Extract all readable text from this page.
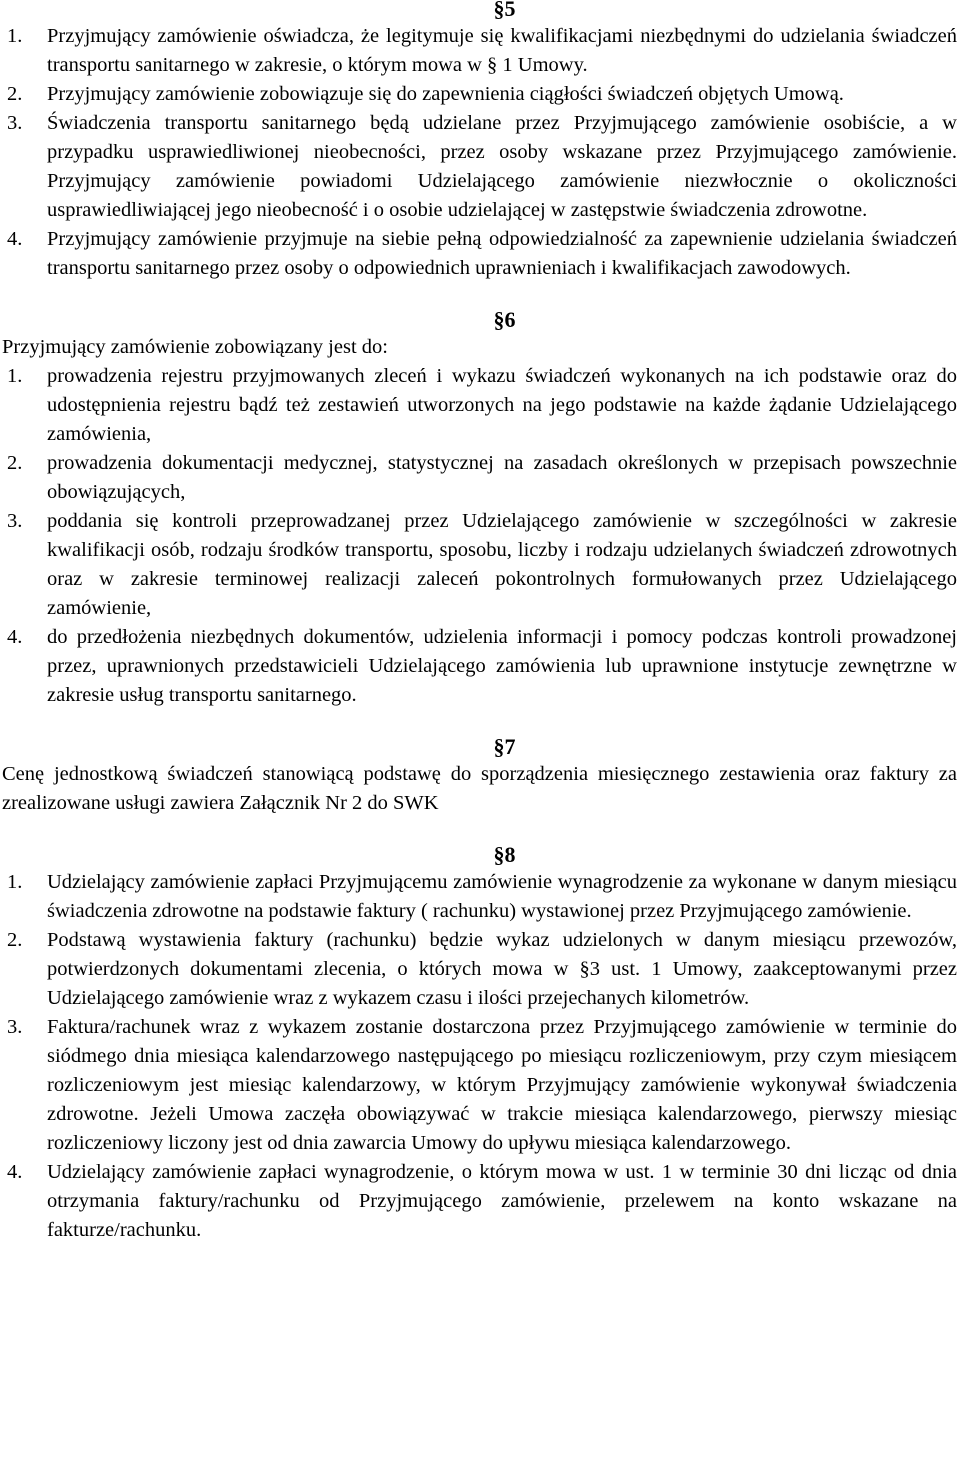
§5
1. Przyjmujący zamówienie oświadcza, że legitymuje się kwalifikacjami niezbędnymi do udzielania świadczeń transportu sanitarnego w zakresie, o którym mowa w § 1 Umowy.
2. Przyjmujący zamówienie zobowiązuje się do zapewnienia ciągłości świadczeń objętych Umową.
3. Świadczenia transportu sanitarnego będą udzielane przez Przyjmującego zamówienie osobiście, a w przypadku usprawiedliwionej nieobecności, przez osoby wskazane przez Przyjmującego zamówienie. Przyjmujący zamówienie powiadomi Udzielającego zamówienie niezwłocznie o okoliczności usprawiedliwiającej jego nieobecność i o osobie udzielającej w zastępstwie świadczenia zdrowotne.
4. Przyjmujący zamówienie przyjmuje na siebie pełną odpowiedzialność za zapewnienie udzielania świadczeń transportu sanitarnego przez osoby o odpowiednich uprawnieniach i kwalifikacjach zawodowych.
§6

Przyjmujący zamówienie zobowiązany jest do:

1. prowadzenia rejestru przyjmowanych zleceń i wykazu świadczeń wykonanych na ich podstawie oraz do udostępnienia rejestru bądź też zestawień utworzonych na jego podstawie na każde żądanie Udzielającego zamówienia,
2. prowadzenia dokumentacji medycznej, statystycznej na zasadach określonych w przepisach powszechnie obowiązujących,
3. poddania się kontroli przeprowadzanej przez Udzielającego zamówienie w szczególności w zakresie kwalifikacji osób, rodzaju środków transportu, sposobu, liczby i rodzaju udzielanych świadczeń zdrowotnych oraz w zakresie terminowej realizacji zaleceń pokontrolnych formułowanych przez Udzielającego zamówienie,
4. do przedłożenia niezbędnych dokumentów, udzielenia informacji i pomocy podczas kontroli prowadzonej przez, uprawnionych przedstawicieli Udzielającego zamówienia lub uprawnione instytucje zewnętrzne w zakresie usług transportu sanitarnego.
§7

Cenę jednostkową świadczeń stanowiącą podstawę do sporządzenia miesięcznego zestawienia oraz faktury za zrealizowane usługi zawiera Załącznik Nr 2 do SWK

§8
1. Udzielający zamówienie zapłaci Przyjmującemu zamówienie wynagrodzenie za wykonane w danym miesiącu świadczenia zdrowotne na podstawie faktury ( rachunku) wystawionej przez Przyjmującego zamówienie.
2. Podstawą wystawienia faktury (rachunku) będzie wykaz udzielonych w danym miesiącu przewozów, potwierdzonych dokumentami zlecenia, o których mowa w §3 ust. 1 Umowy, zaakceptowanymi przez Udzielającego zamówienie wraz z wykazem czasu i ilości przejechanych kilometrów.
3. Faktura/rachunek wraz z wykazem zostanie dostarczona przez Przyjmującego zamówienie w terminie do siódmego dnia miesiąca kalendarzowego następującego po miesiącu rozliczeniowym, przy czym miesiącem rozliczeniowym jest miesiąc kalendarzowy, w którym Przyjmujący zamówienie wykonywał świadczenia zdrowotne. Jeżeli Umowa zaczęła obowiązywać w trakcie miesiąca kalendarzowego, pierwszy miesiąc rozliczeniowy liczony jest od dnia zawarcia Umowy do upływu miesiąca kalendarzowego.
4. Udzielający zamówienie zapłaci wynagrodzenie, o którym mowa w ust. 1 w terminie 30 dni licząc od dnia otrzymania faktury/rachunku od Przyjmującego zamówienie, przelewem na konto wskazane na fakturze/rachunku.
